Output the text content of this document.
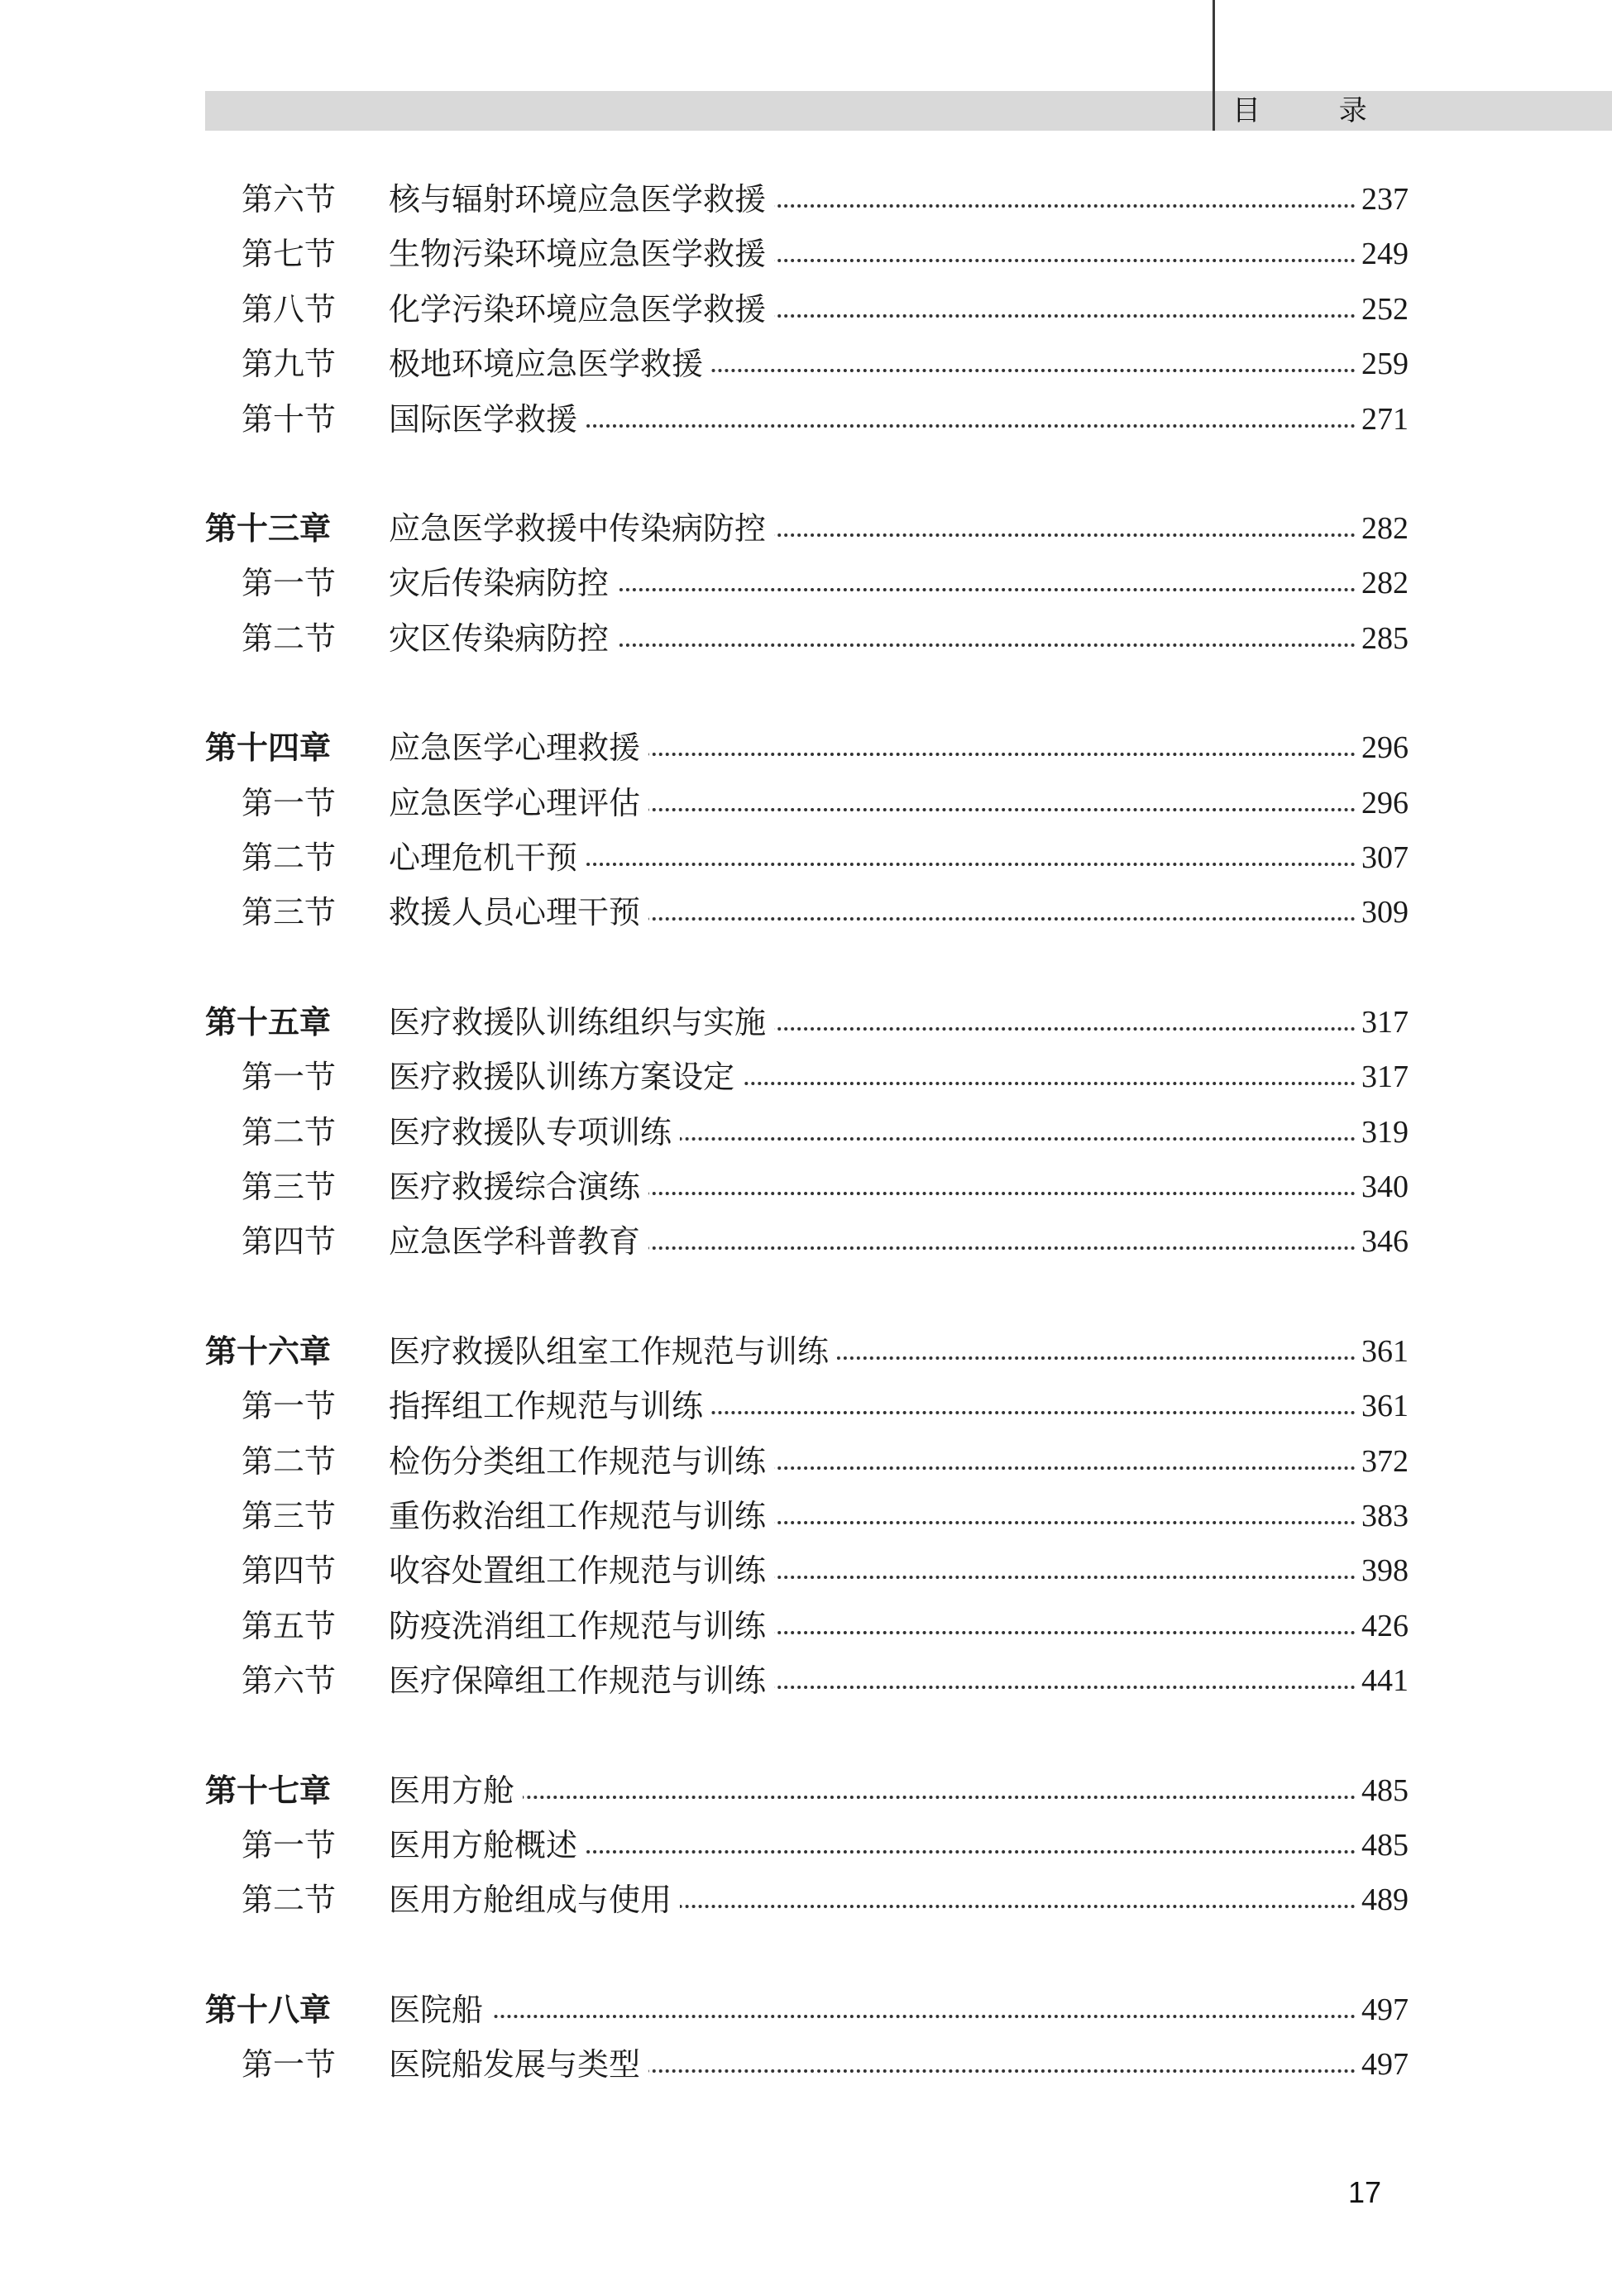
目 录
第六节 核与辐射环境应急医学救援	237
第七节 生物污染环境应急医学救援	249
第八节 化学污染环境应急医学救援	252
第九节 极地环境应急医学救援	259
第十节 国际医学救援	271
第十三章 应急医学救援中传染病防控	282
第一节 灾后传染病防控	282
第二节 灾区传染病防控	285
第十四章 应急医学心理救援	296
第一节 应急医学心理评估	296
第二节 心理危机干预	307
第三节 救援人员心理干预	309
第十五章 医疗救援队训练组织与实施	317
第一节 医疗救援队训练方案设定	317
第二节 医疗救援队专项训练	319
第三节 医疗救援综合演练	340
第四节 应急医学科普教育	346
第十六章 医疗救援队组室工作规范与训练	361
第一节 指挥组工作规范与训练	361
第二节 检伤分类组工作规范与训练	372
第三节 重伤救治组工作规范与训练	383
第四节 收容处置组工作规范与训练	398
第五节 防疫洗消组工作规范与训练	426
第六节 医疗保障组工作规范与训练	441
第十七章 医用方舱	485
第一节 医用方舱概述	485
第二节 医用方舱组成与使用	489
第十八章 医院船	497
第一节 医院船发展与类型	497
17
